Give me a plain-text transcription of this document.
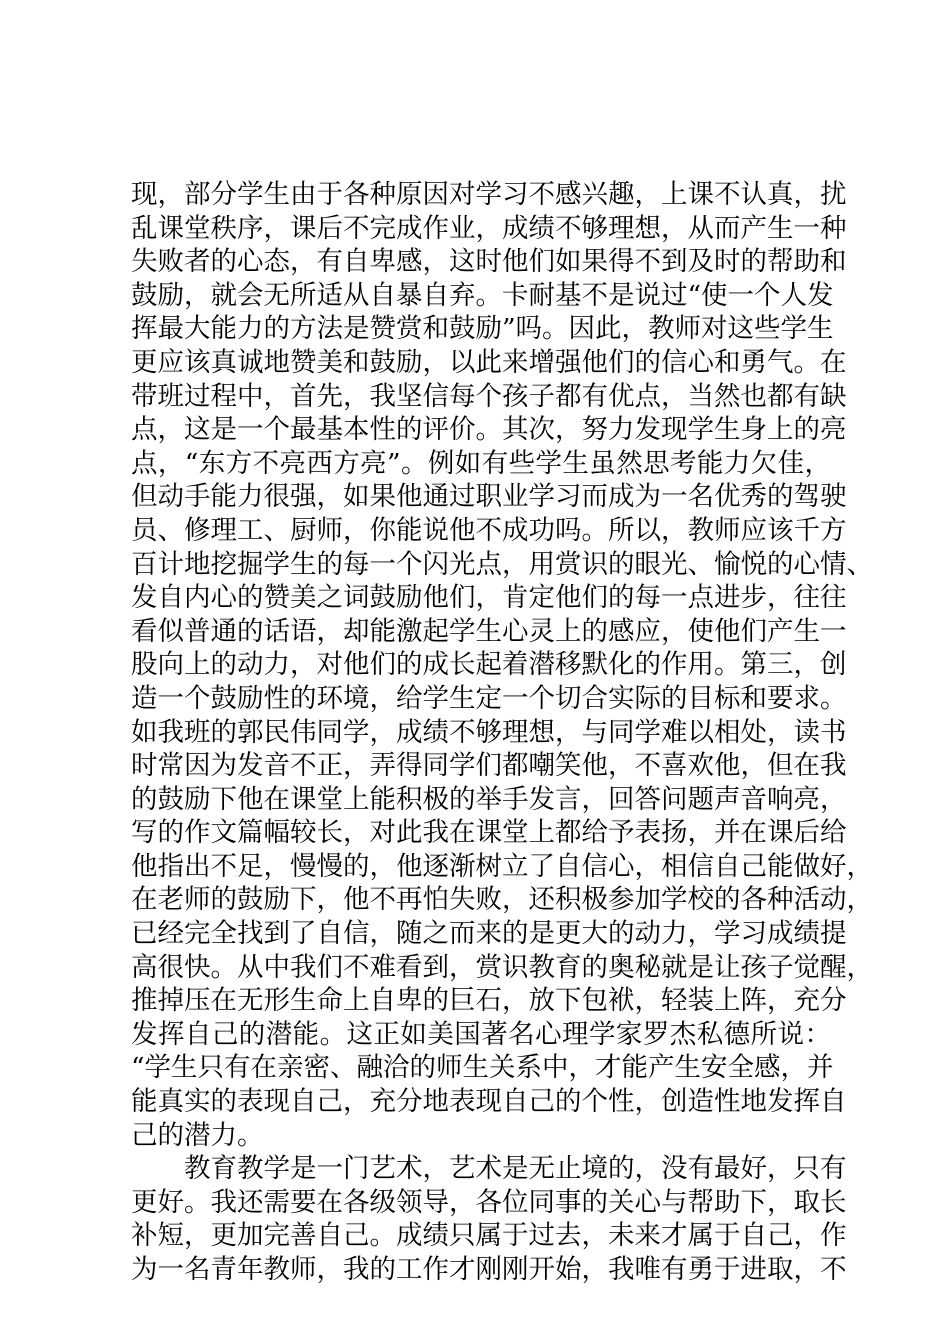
现，部分学生由于各种原因对学习不感兴趣，上课不认真，扰
乱课堂秩序，课后不完成作业，成绩不够理想，从而产生一种
失败者的心态，有自卑感，这时他们如果得不到及时的帮助和
鼓励，就会无所适从自暴自弃。卡耐基不是说过“使一个人发
挥最大能力的方法是赞赏和鼓励”吗。因此，教师对这些学生
更应该真诚地赞美和鼓励，以此来增强他们的信心和勇气。在
带班过程中，首先，我坚信每个孩子都有优点，当然也都有缺
点，这是一个最基本性的评价。其次，努力发现学生身上的亮
点，“东方不亮西方亮”。例如有些学生虽然思考能力欠佳，
但动手能力很强，如果他通过职业学习而成为一名优秀的驾驶
员、修理工、厨师，你能说他不成功吗。所以，教师应该千方
百计地挖掘学生的每一个闪光点，用赏识的眼光、愉悦的心情、
发自内心的赞美之词鼓励他们，肯定他们的每一点进步，往往
看似普通的话语，却能激起学生心灵上的感应，使他们产生一
股向上的动力，对他们的成长起着潜移默化的作用。第三，创
造一个鼓励性的环境，给学生定一个切合实际的目标和要求。
如我班的郭民伟同学，成绩不够理想，与同学难以相处，读书
时常因为发音不正，弄得同学们都嘲笑他，不喜欢他，但在我
的鼓励下他在课堂上能积极的举手发言，回答问题声音响亮，
写的作文篇幅较长，对此我在课堂上都给予表扬，并在课后给
他指出不足，慢慢的，他逐渐树立了自信心，相信自己能做好，
在老师的鼓励下，他不再怕失败，还积极参加学校的各种活动，
已经完全找到了自信，随之而来的是更大的动力，学习成绩提
高很快。从中我们不难看到，赏识教育的奥秘就是让孩子觉醒，
推掉压在无形生命上自卑的巨石，放下包袱，轻装上阵，充分
发挥自己的潜能。这正如美国著名心理学家罗杰私德所说：
“学生只有在亲密、融洽的师生关系中，才能产生安全感，并
能真实的表现自己，充分地表现自己的个性，创造性地发挥自
己的潜力。
教育教学是一门艺术，艺术是无止境的，没有最好，只有
更好。我还需要在各级领导，各位同事的关心与帮助下，取长
补短，更加完善自己。成绩只属于过去，未来才属于自己，作
为一名青年教师，我的工作才刚刚开始，我唯有勇于进取，不
